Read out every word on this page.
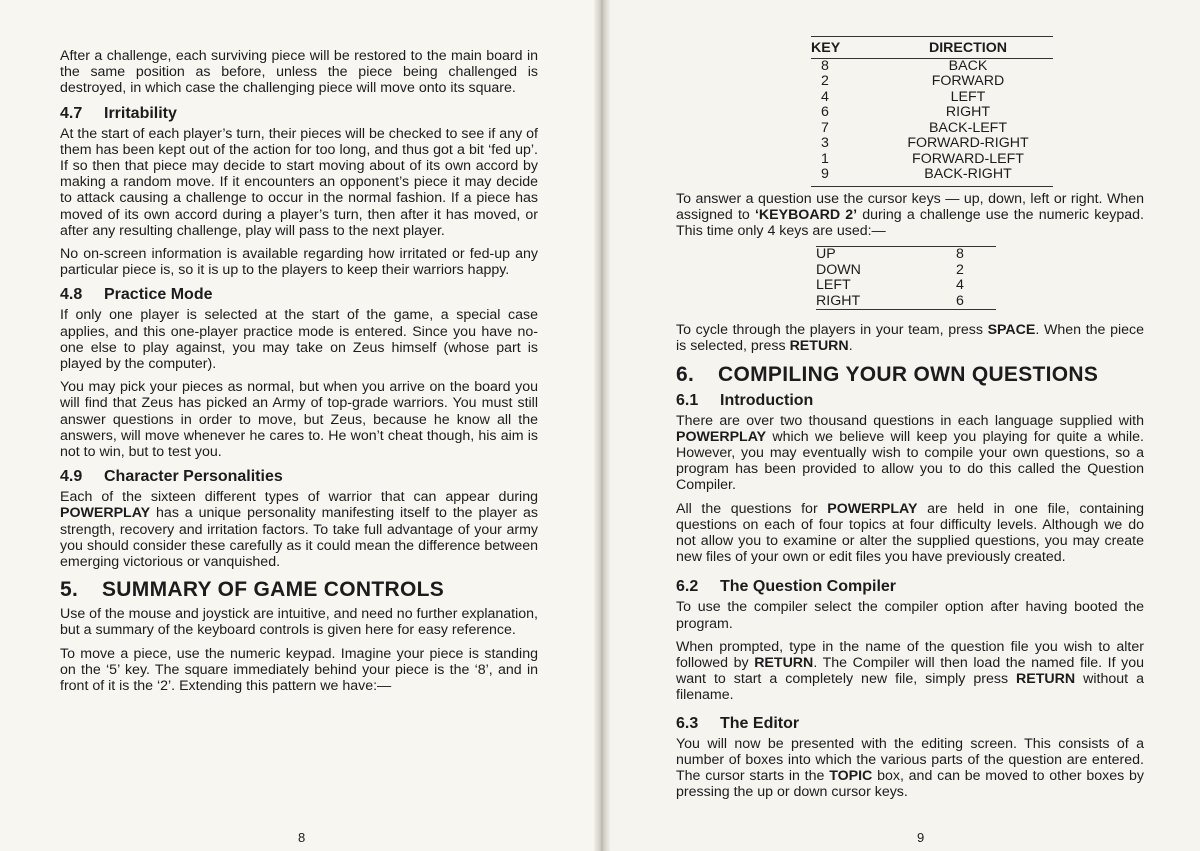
After a challenge, each surviving piece will be restored to the main board in the same position as before, unless the piece being challenged is destroyed, in which case the challenging piece will move onto its square.

4.7 Irritability

At the start of each player’s turn, their pieces will be checked to see if any of them has been kept out of the action for too long, and thus got a bit ‘fed up’. If so then that piece may decide to start moving about of its own accord by making a random move. If it encounters an opponent’s piece it may decide to attack causing a challenge to occur in the normal fashion. If a piece has moved of its own accord during a player’s turn, then after it has moved, or after any resulting challenge, play will pass to the next player.

No on-screen information is available regarding how irritated or fed-up any particular piece is, so it is up to the players to keep their warriors happy.

4.8 Practice Mode

If only one player is selected at the start of the game, a special case applies, and this one-player practice mode is entered. Since you have no-one else to play against, you may take on Zeus himself (whose part is played by the computer).

You may pick your pieces as normal, but when you arrive on the board you will find that Zeus has picked an Army of top-grade warriors. You must still answer questions in order to move, but Zeus, because he know all the answers, will move whenever he cares to. He won’t cheat though, his aim is not to win, but to test you.

4.9 Character Personalities

Each of the sixteen different types of warrior that can appear during POWERPLAY has a unique personality manifesting itself to the player as strength, recovery and irritation factors. To take full advantage of your army you should consider these carefully as it could mean the difference between emerging victorious or vanquished.

5. SUMMARY OF GAME CONTROLS

Use of the mouse and joystick are intuitive, and need no further explanation, but a summary of the keyboard controls is given here for easy reference.

To move a piece, use the numeric keypad. Imagine your piece is standing on the ‘5’ key. The square immediately behind your piece is the ‘8’, and in front of it is the ‘2’. Extending this pattern we have:—

8
KEY	DIRECTION
8	BACK
2	FORWARD
4	LEFT
6	RIGHT
7	BACK-LEFT
3	FORWARD-RIGHT
1	FORWARD-LEFT
9	BACK-RIGHT

To answer a question use the cursor keys — up, down, left or right. When assigned to ‘KEYBOARD 2’ during a challenge use the numeric keypad. This time only 4 keys are used:—

UP	8
DOWN	2
LEFT	4
RIGHT	6

To cycle through the players in your team, press SPACE. When the piece is selected, press RETURN.

6. COMPILING YOUR OWN QUESTIONS
6.1 Introduction

There are over two thousand questions in each language supplied with POWERPLAY which we believe will keep you playing for quite a while. However, you may eventually wish to compile your own questions, so a program has been provided to allow you to do this called the Question Compiler.

All the questions for POWERPLAY are held in one file, containing questions on each of four topics at four difficulty levels. Although we do not allow you to examine or alter the supplied questions, you may create new files of your own or edit files you have previously created.

6.2 The Question Compiler

To use the compiler select the compiler option after having booted the program.

When prompted, type in the name of the question file you wish to alter followed by RETURN. The Compiler will then load the named file. If you want to start a completely new file, simply press RETURN without a filename.

6.3 The Editor

You will now be presented with the editing screen. This consists of a number of boxes into which the various parts of the question are entered. The cursor starts in the TOPIC box, and can be moved to other boxes by pressing the up or down cursor keys.

9
